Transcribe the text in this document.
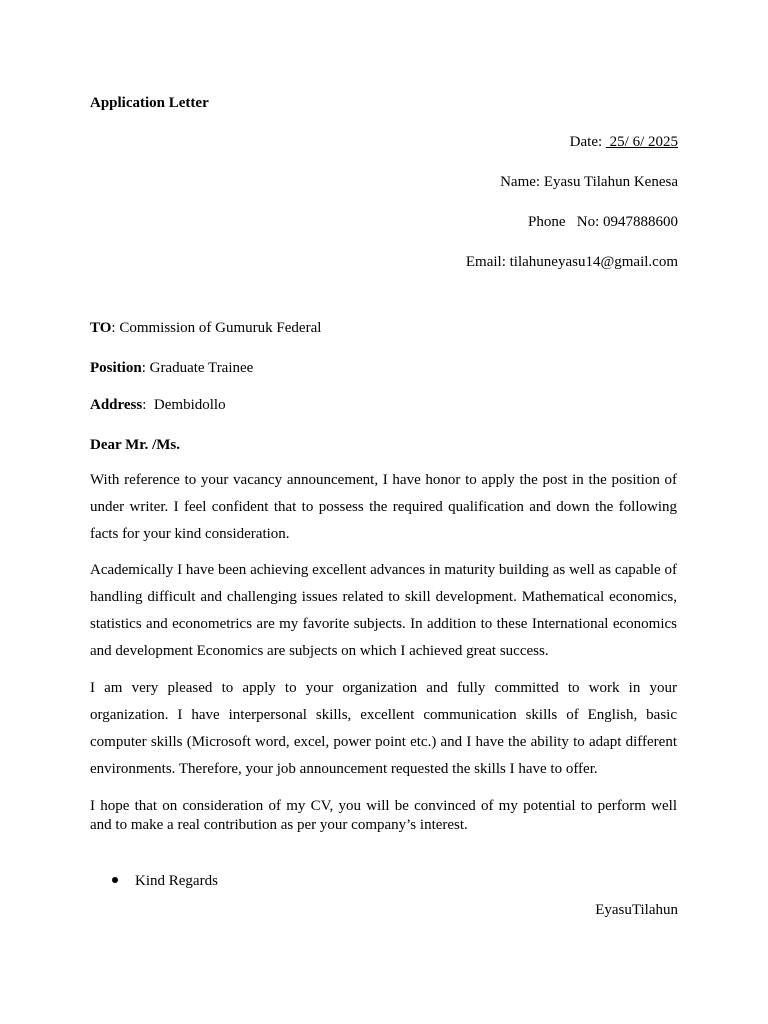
Application Letter
Date:  25/ 6/ 2025
Name: Eyasu Tilahun Kenesa
Phone   No: 0947888600
Email: tilahuneyasu14@gmail.com
TO: Commission of Gumuruk Federal
Position: Graduate Trainee
Address:  Dembidollo
Dear Mr. /Ms.
With reference to your vacancy announcement, I have honor to apply the post in the position of under writer. I feel confident that to possess the required qualification and down the following facts for your kind consideration.
Academically I have been achieving excellent advances in maturity building as well as capable of handling difficult and challenging issues related to skill development. Mathematical economics, statistics and econometrics are my favorite subjects. In addition to these International economics and development Economics are subjects on which I achieved great success.
I am very pleased to apply to your organization and fully committed to work in your organization. I have interpersonal skills, excellent communication skills of English, basic computer skills (Microsoft word, excel, power point etc.) and I have the ability to adapt different environments. Therefore, your job announcement requested the skills I have to offer.
I hope that on consideration of my CV, you will be convinced of my potential to perform well and to make a real contribution as per your company’s interest.
Kind Regards
EyasuTilahun
